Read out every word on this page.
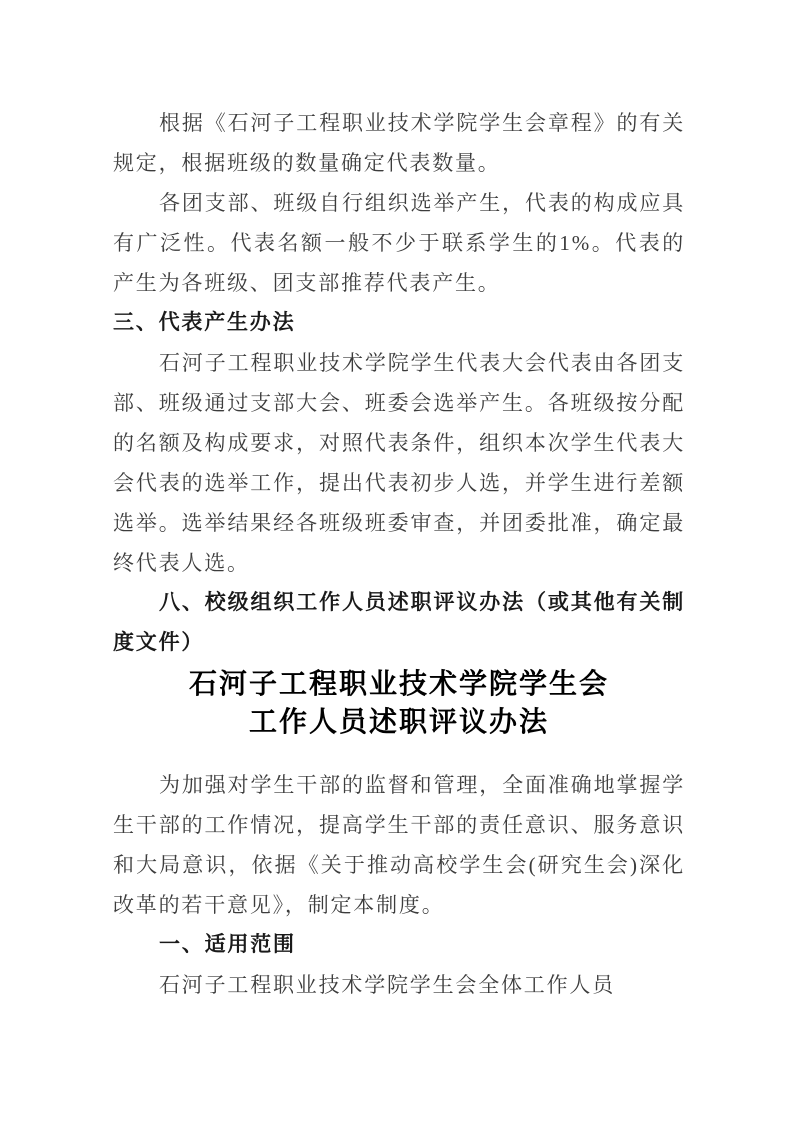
根据《石河子工程职业技术学院学生会章程》的有关规定，根据班级的数量确定代表数量。

各团支部、班级自行组织选举产生，代表的构成应具有广泛性。代表名额一般不少于联系学生的1%。代表的产生为各班级、团支部推荐代表产生。

三、代表产生办法

石河子工程职业技术学院学生代表大会代表由各团支部、班级通过支部大会、班委会选举产生。各班级按分配的名额及构成要求，对照代表条件，组织本次学生代表大会代表的选举工作，提出代表初步人选，并学生进行差额选举。选举结果经各班级班委审查，并团委批准，确定最终代表人选。

八、校级组织工作人员述职评议办法（或其他有关制度文件）

石河子工程职业技术学院学生会
工作人员述职评议办法

为加强对学生干部的监督和管理，全面准确地掌握学生干部的工作情况，提高学生干部的责任意识、服务意识和大局意识，依据《关于推动高校学生会(研究生会)深化改革的若干意见》，制定本制度。

一、适用范围

石河子工程职业技术学院学生会全体工作人员
